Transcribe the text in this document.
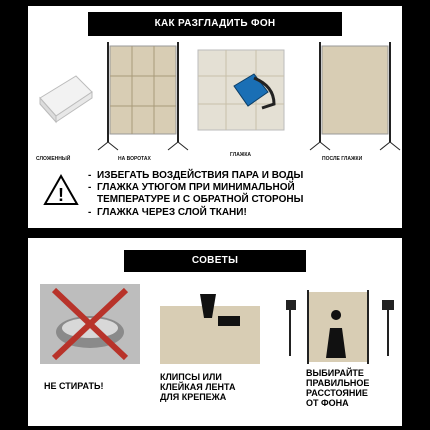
КАК РАЗГЛАДИТЬ ФОН
СЛОЖЕННЫЙ	НА ВОРОТАХ
ГЛАЖКА
ПОСЛЕ ГЛАЖКИ
!
- ИЗБЕГАТЬ ВОЗДЕЙСТВИЯ ПАРА И ВОДЫ
- ГЛАЖКА УТЮГОМ ПРИ МИНИМАЛЬНОЙ
ТЕМПЕРАТУРЕ И С ОБРАТНОЙ СТОРОНЫ
- ГЛАЖКА ЧЕРЕЗ СЛОЙ ТКАНИ!
СОВЕТЫ
НЕ СТИРАТЬ!
КЛИПСЫ ИЛИ
КЛЕЙКАЯ ЛЕНТА
ДЛЯ КРЕПЕЖА
ВЫБИРАЙТЕ
ПРАВИЛЬНОЕ
РАССТОЯНИЕ
ОТ ФОНА
